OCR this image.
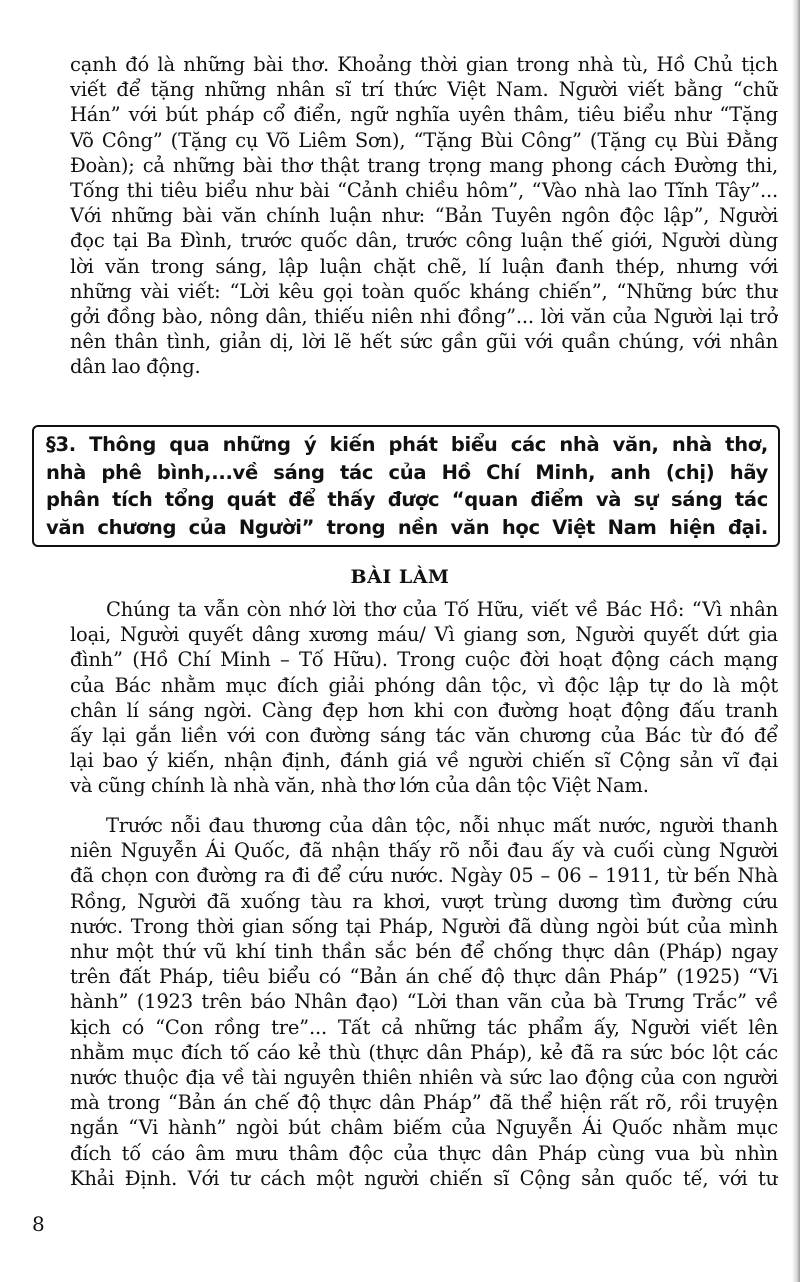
cạnh đó là những bài thơ. Khoảng thời gian trong nhà tù, Hồ Chủ tịch
viết để tặng những nhân sĩ trí thức Việt Nam. Người viết bằng “chữ
Hán” với bút pháp cổ điển, ngữ nghĩa uyên thâm, tiêu biểu như “Tặng
Võ Công” (Tặng cụ Võ Liêm Sơn), “Tặng Bùi Công” (Tặng cụ Bùi Đằng
Đoàn); cả những bài thơ thật trang trọng mang phong cách Đường thi,
Tống thi tiêu biểu như bài “Cảnh chiều hôm”, “Vào nhà lao Tĩnh Tây”...
Với những bài văn chính luận như: “Bản Tuyên ngôn độc lập”, Người
đọc tại Ba Đình, trước quốc dân, trước công luận thế giới, Người dùng
lời văn trong sáng, lập luận chặt chẽ, lí luận đanh thép, nhưng với
những vài viết: “Lời kêu gọi toàn quốc kháng chiến”, “Những bức thư
gởi đồng bào, nông dân, thiếu niên nhi đồng”... lời văn của Người lại trở
nên thân tình, giản dị, lời lẽ hết sức gần gũi với quần chúng, với nhân
dân lao động.
§3. Thông qua những ý kiến phát biểu các nhà văn, nhà thơ,
nhà phê bình,...về sáng tác của Hồ Chí Minh, anh (chị) hãy
phân tích tổng quát để thấy được “quan điểm và sự sáng tác
văn chương của Người” trong nền văn học Việt Nam hiện đại.
BÀI LÀM
Chúng ta vẫn còn nhớ lời thơ của Tố Hữu, viết về Bác Hồ: “Vì nhân
loại, Người quyết dâng xương máu/ Vì giang sơn, Người quyết dứt gia
đình” (Hồ Chí Minh – Tố Hữu). Trong cuộc đời hoạt động cách mạng
của Bác nhằm mục đích giải phóng dân tộc, vì độc lập tự do là một
chân lí sáng ngời. Càng đẹp hơn khi con đường hoạt động đấu tranh
ấy lại gắn liền với con đường sáng tác văn chương của Bác từ đó để
lại bao ý kiến, nhận định, đánh giá về người chiến sĩ Cộng sản vĩ đại
và cũng chính là nhà văn, nhà thơ lớn của dân tộc Việt Nam.
Trước nỗi đau thương của dân tộc, nỗi nhục mất nước, người thanh
niên Nguyễn Ái Quốc, đã nhận thấy rõ nỗi đau ấy và cuối cùng Người
đã chọn con đường ra đi để cứu nước. Ngày 05 – 06 – 1911, từ bến Nhà
Rồng, Người đã xuống tàu ra khơi, vượt trùng dương tìm đường cứu
nước. Trong thời gian sống tại Pháp, Người đã dùng ngòi bút của mình
như một thứ vũ khí tinh thần sắc bén để chống thực dân (Pháp) ngay
trên đất Pháp, tiêu biểu có “Bản án chế độ thực dân Pháp” (1925) “Vi
hành” (1923 trên báo Nhân đạo) “Lời than vãn của bà Trưng Trắc” về
kịch có “Con rồng tre”... Tất cả những tác phẩm ấy, Người viết lên
nhằm mục đích tố cáo kẻ thù (thực dân Pháp), kẻ đã ra sức bóc lột các
nước thuộc địa về tài nguyên thiên nhiên và sức lao động của con người
mà trong “Bản án chế độ thực dân Pháp” đã thể hiện rất rõ, rồi truyện
ngắn “Vi hành” ngòi bút châm biếm của Nguyễn Ái Quốc nhằm mục
đích tố cáo âm mưu thâm độc của thực dân Pháp cùng vua bù nhìn
Khải Định. Với tư cách một người chiến sĩ Cộng sản quốc tế, với tư
8
